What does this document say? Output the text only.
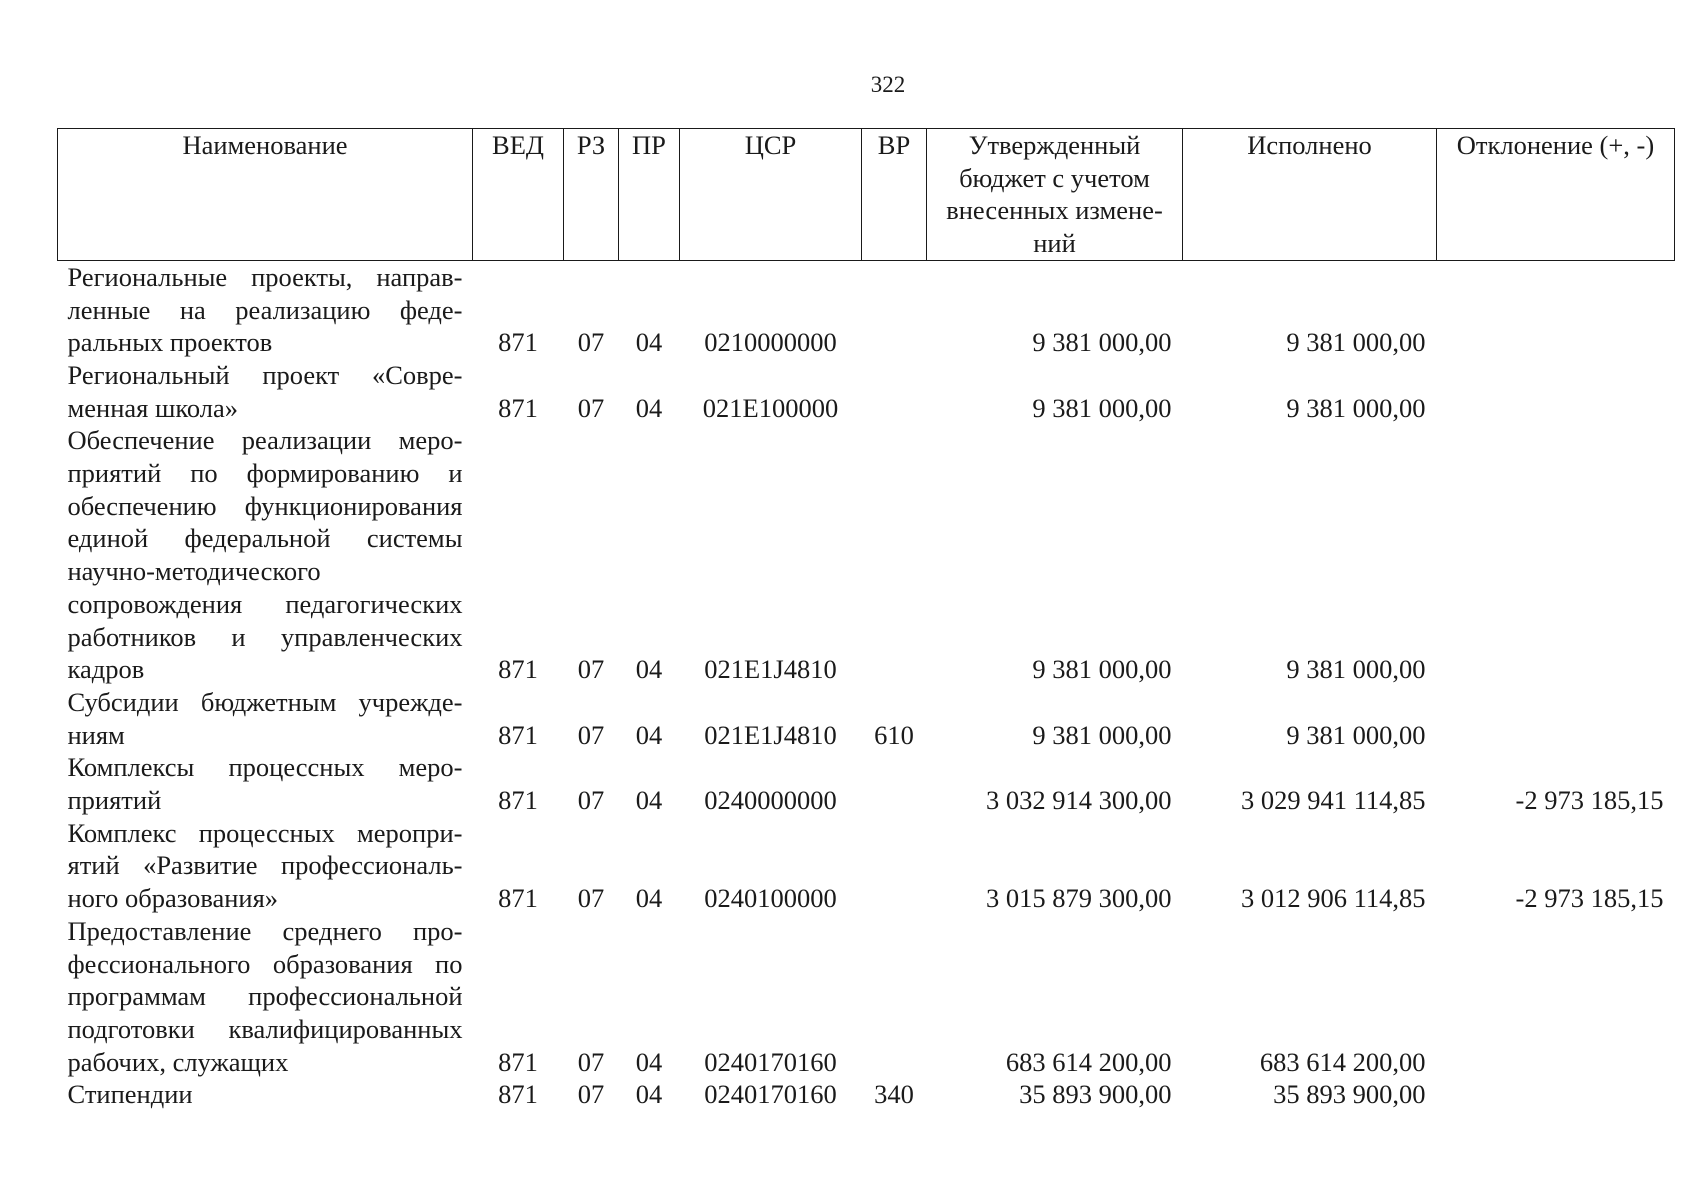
322
Наименование	ВЕД	РЗ	ПР	ЦСР	ВР	Утвержденный бюджет с учетом внесенных измене-ний	Исполнено	Отклонение (+, -)
Региональные проекты, направленные на реализацию федеральных проектов	871	07	04	0210000000		9 381 000,00	9 381 000,00	
Региональный проект «Современная школа»	871	07	04	021E100000		9 381 000,00	9 381 000,00	
Обеспечение реализации мероприятий по формированию и обеспечению функционирования единой федеральной системы научно-методического сопровождения педагогических работников и управленческих кадров	871	07	04	021E1J4810		9 381 000,00	9 381 000,00	
Субсидии бюджетным учреждениям	871	07	04	021E1J4810	610	9 381 000,00	9 381 000,00	
Комплексы процессных мероприятий	871	07	04	0240000000		3 032 914 300,00	3 029 941 114,85	-2 973 185,15
Комплекс процессных мероприятий «Развитие профессионального образования»	871	07	04	0240100000		3 015 879 300,00	3 012 906 114,85	-2 973 185,15
Предоставление среднего профессионального образования по программам профессиональной подготовки квалифицированных рабочих, служащих	871	07	04	0240170160		683 614 200,00	683 614 200,00	
Стипендии	871	07	04	0240170160	340	35 893 900,00	35 893 900,00	
